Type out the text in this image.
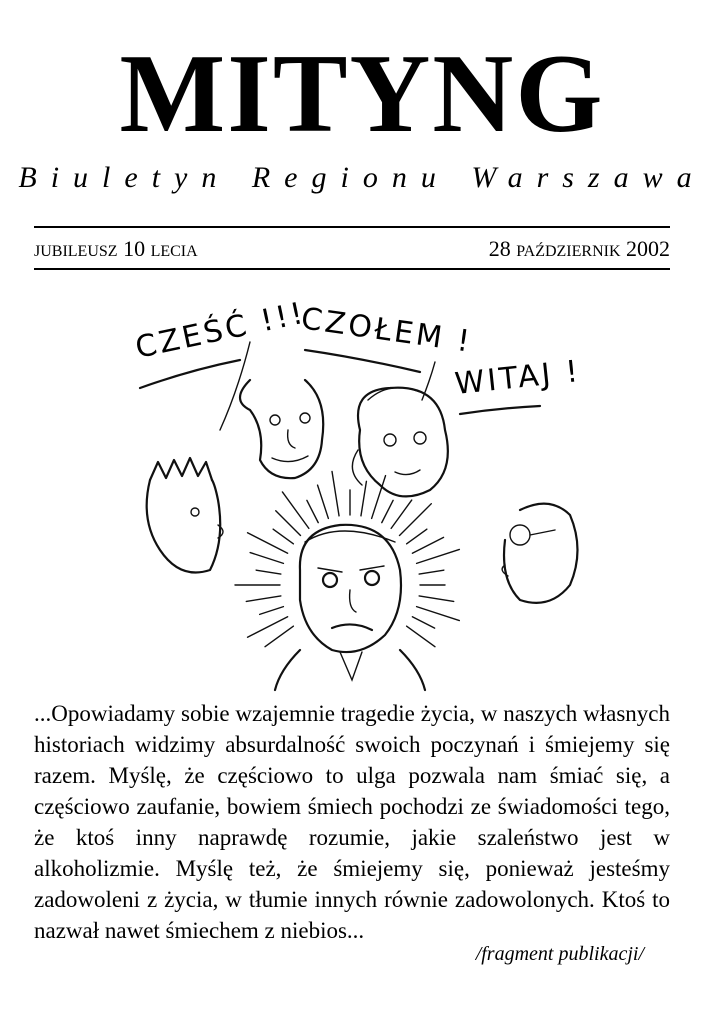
MITYNG
Biuletyn Regionu Warszawa
JUBILEUSZ 10 LECIA	28 PAŹDZIERNIK 2002
CZEŚĆ !!!
CZOŁEM !
WITAJ !

...Opowiadamy sobie wzajemnie tragedie życia, w naszych własnych historiach widzimy absurdalność swoich poczynań i śmiejemy się razem. Myślę, że częściowo to ulga pozwala nam śmiać się, a częściowo zaufanie, bowiem śmiech pochodzi ze świadomości tego, że ktoś inny naprawdę rozumie, jakie szaleństwo jest w alkoholizmie. Myślę też, że śmiejemy się, ponieważ jesteśmy zadowoleni z życia, w tłumie innych równie zadowolonych. Ktoś to nazwał nawet śmiechem z niebios...

/fragment publikacji/
